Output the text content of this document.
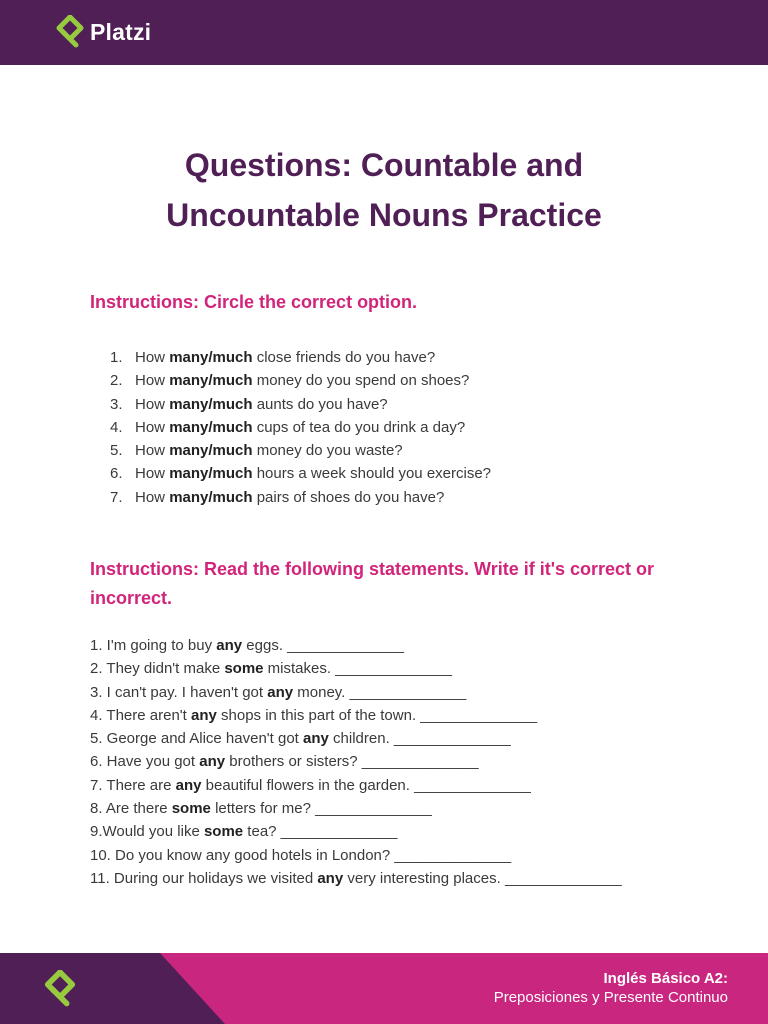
Platzi
Questions: Countable and
Uncountable Nouns Practice
Instructions: Circle the correct option.
1. How many/much close friends do you have?
2. How many/much money do you spend on shoes?
3. How many/much aunts do you have?
4. How many/much cups of tea do you drink a day?
5. How many/much money do you waste?
6. How many/much hours a week should you exercise?
7. How many/much pairs of shoes do you have?
Instructions: Read the following statements. Write if it's correct or incorrect.
1. I'm going to buy any eggs. ______________
2. They didn't make some mistakes. ______________
3. I can't pay. I haven't got any money. ______________
4. There aren't any shops in this part of the town. ______________
5. George and Alice haven't got any children. ______________
6. Have you got any brothers or sisters? ______________
7. There are any beautiful flowers in the garden. ______________
8. Are there some letters for me? ______________
9.Would you like some tea? ______________
10. Do you know any good hotels in London? ______________
11. During our holidays we visited any very interesting places. ______________
Inglés Básico A2:
Preposiciones y Presente Continuo
